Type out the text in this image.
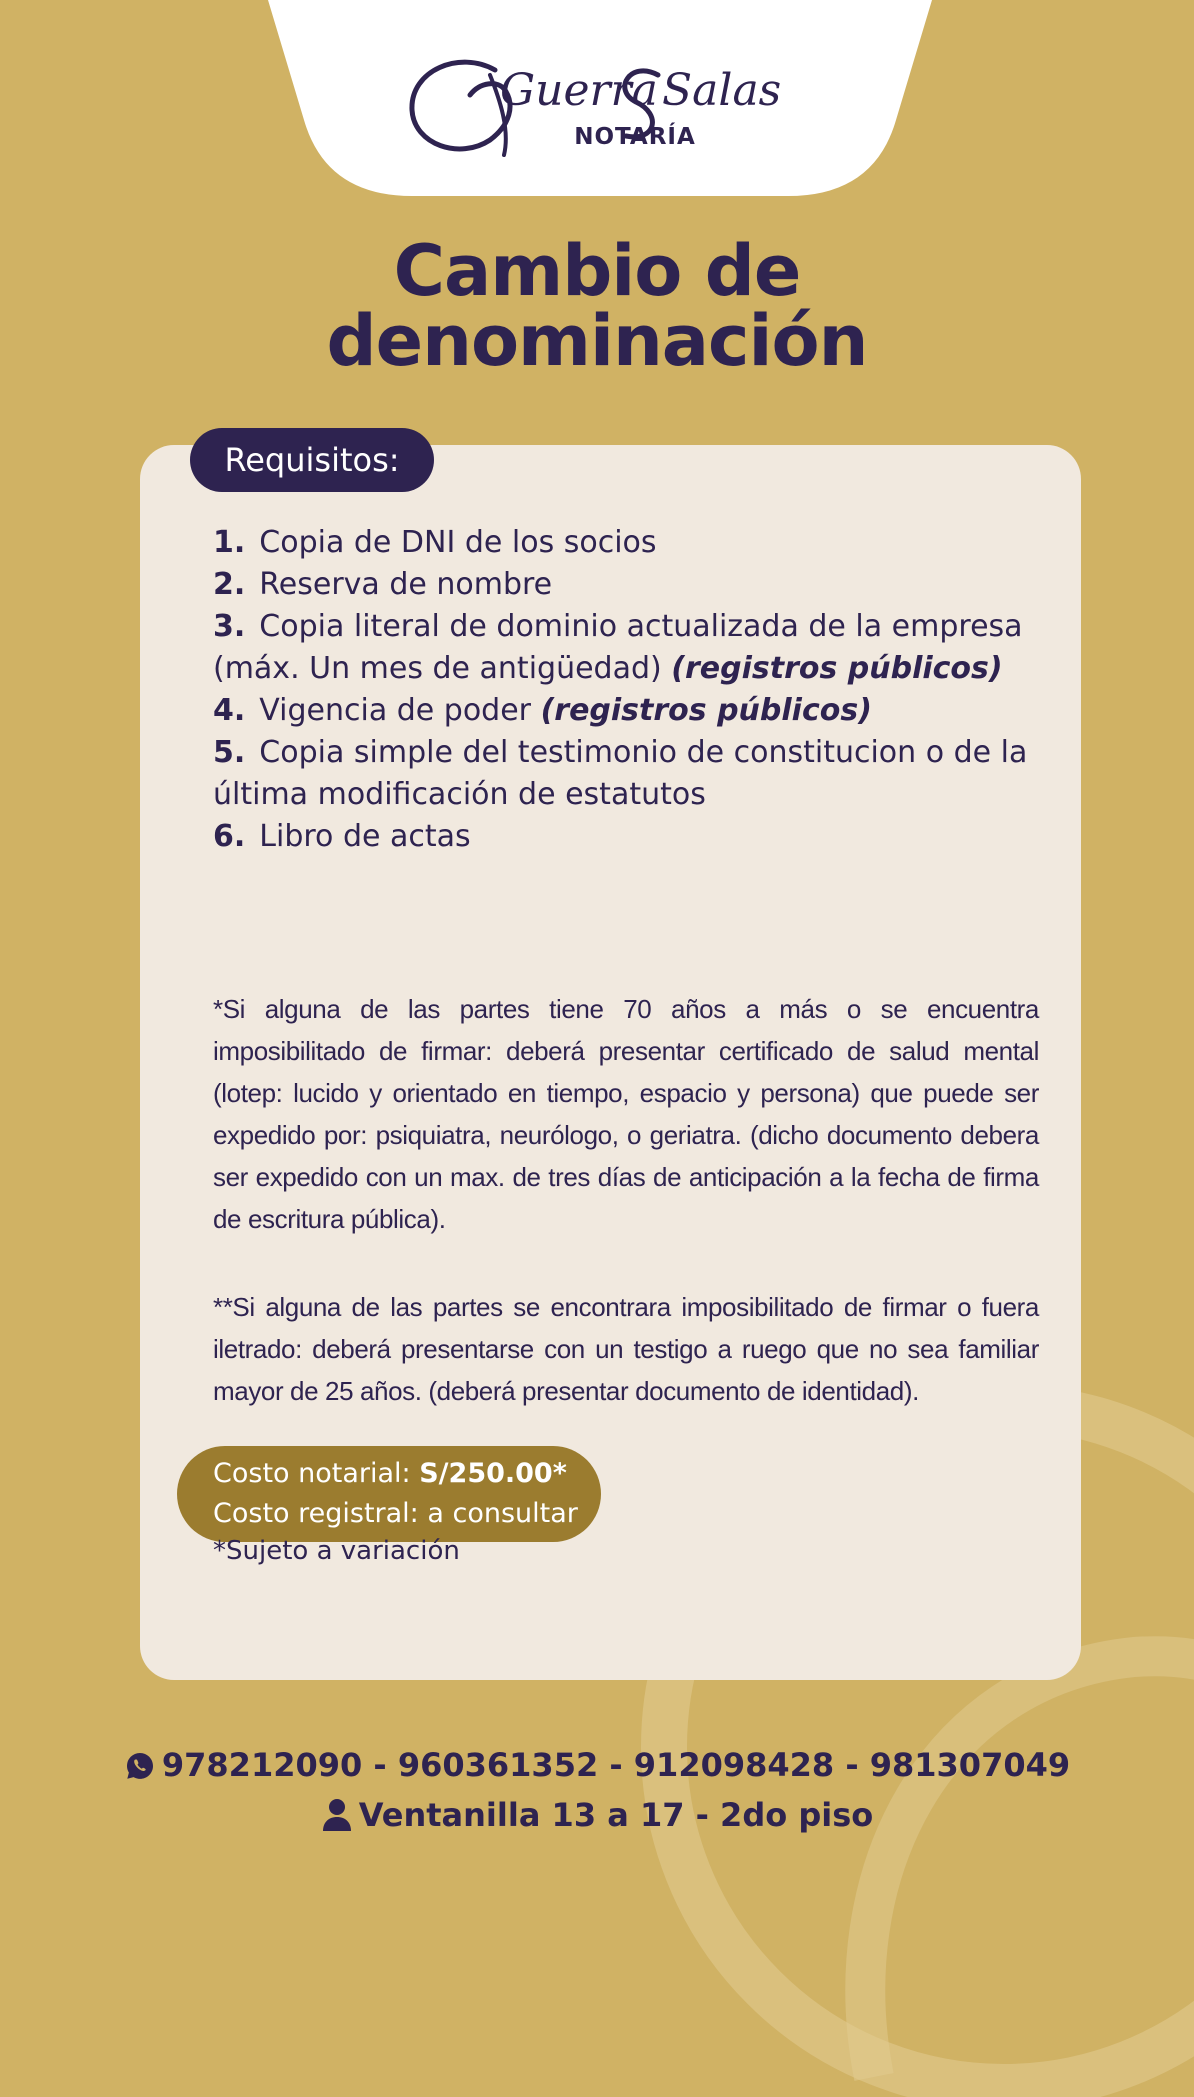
Guerra Salas
NOTARÍA
Cambio de
denominación
Requisitos:
1. Copia de DNI de los socios
2. Reserva de nombre
3. Copia literal de dominio actualizada de la empresa (máx. Un mes de antigüedad) (registros públicos)
4. Vigencia de poder (registros públicos)
5. Copia simple del testimonio de constitucion o de la última modificación de estatutos
6. Libro de actas
*Si alguna de las partes tiene 70 años a más o se encuentra imposibilitado de firmar: deberá presentar certificado de salud mental (lotep: lucido y orientado en tiempo, espacio y persona) que puede ser expedido por: psiquiatra, neurólogo, o geriatra. (dicho documento debera ser expedido con un max. de tres días de anticipación a la fecha de firma de escritura pública).
**Si alguna de las partes se encontrara imposibilitado de firmar o fuera iletrado: deberá presentarse con un testigo a ruego que no sea familiar mayor de 25 años. (deberá presentar documento de identidad).
Costo notarial: S/250.00*
Costo registral: a consultar
*Sujeto a variación
978212090 - 960361352 - 912098428 - 981307049
Ventanilla 13 a 17 - 2do piso
